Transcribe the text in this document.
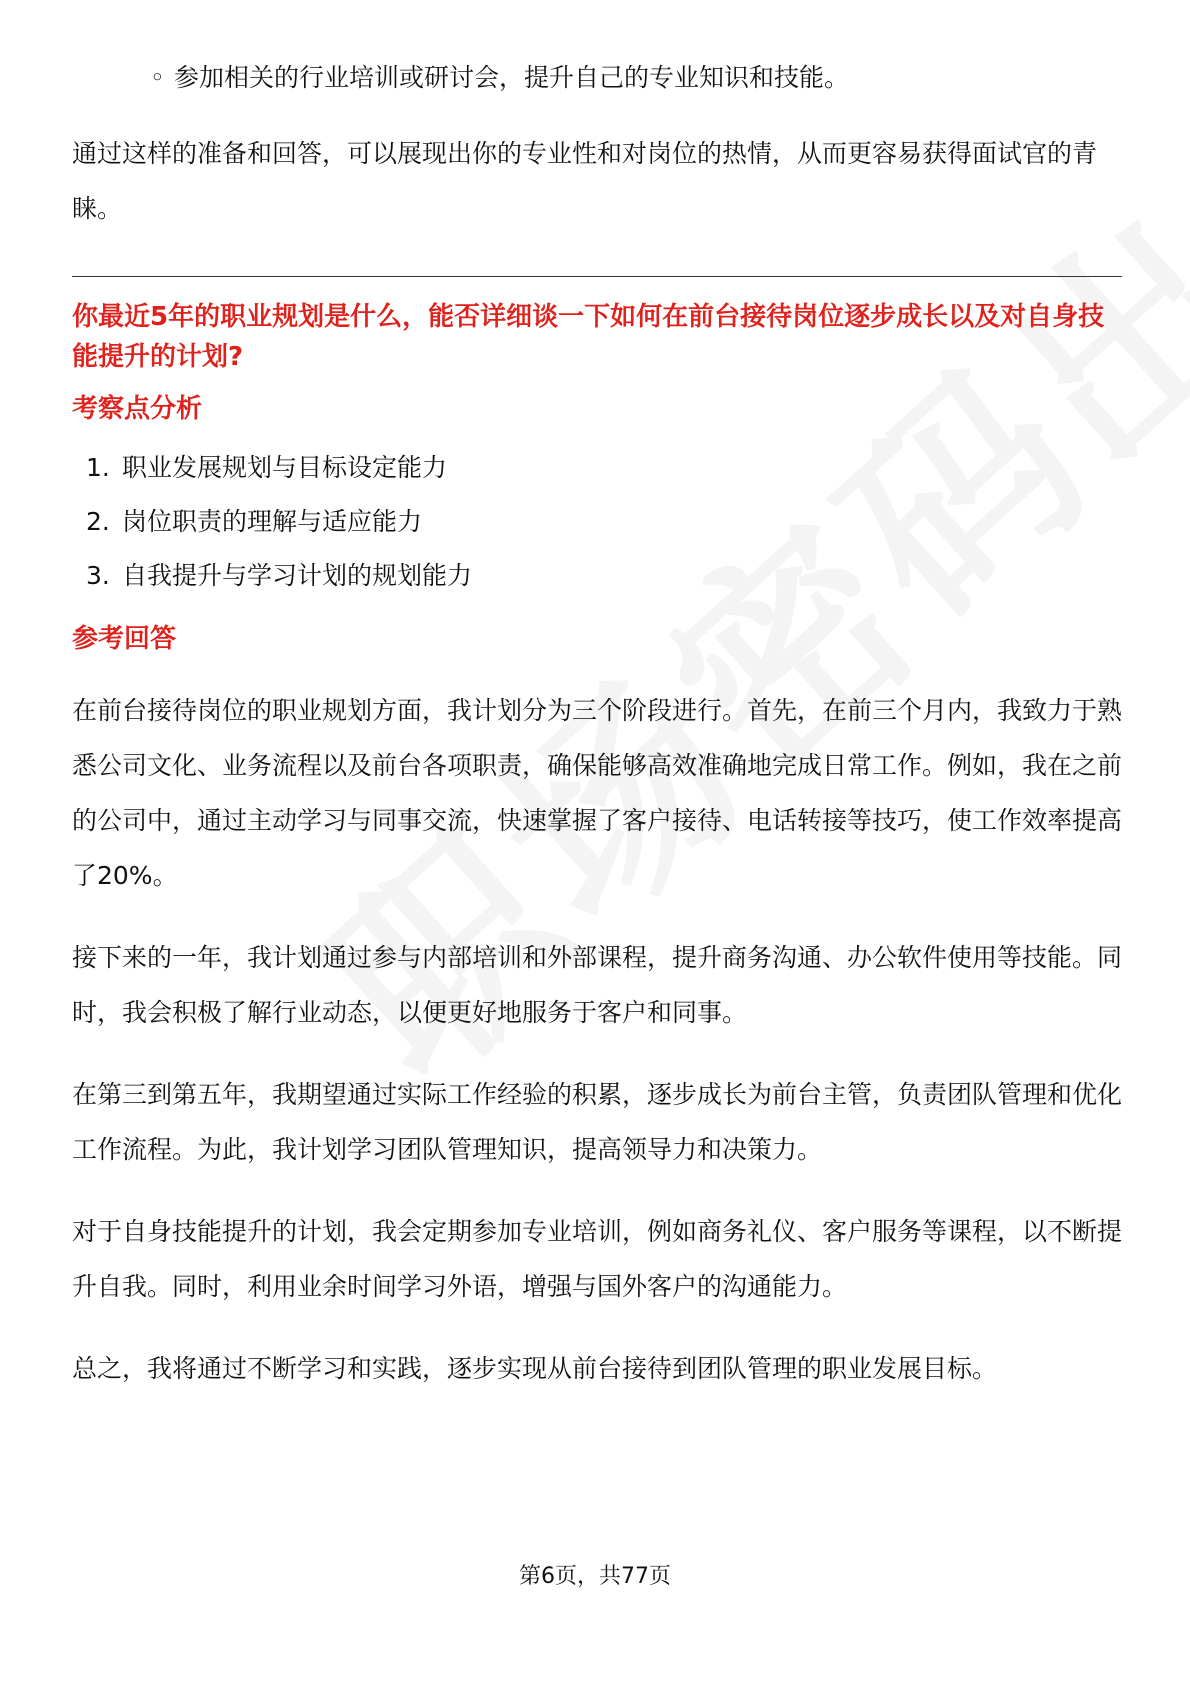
◦ 参加相关的行业培训或研讨会，提升自己的专业知识和技能。

通过这样的准备和回答，可以展现出你的专业性和对岗位的热情，从而更容易获得面试官的青睐。

你最近5年的职业规划是什么，能否详细谈一下如何在前台接待岗位逐步成长以及对自身技能提升的计划?
考察点分析
1. 职业发展规划与目标设定能力
2. 岗位职责的理解与适应能力
3. 自我提升与学习计划的规划能力
参考回答

在前台接待岗位的职业规划方面，我计划分为三个阶段进行。首先，在前三个月内，我致力于熟悉公司文化、业务流程以及前台各项职责，确保能够高效准确地完成日常工作。例如，我在之前的公司中，通过主动学习与同事交流，快速掌握了客户接待、电话转接等技巧，使工作效率提高了20%。

接下来的一年，我计划通过参与内部培训和外部课程，提升商务沟通、办公软件使用等技能。同时，我会积极了解行业动态，以便更好地服务于客户和同事。

在第三到第五年，我期望通过实际工作经验的积累，逐步成长为前台主管，负责团队管理和优化工作流程。为此，我计划学习团队管理知识，提高领导力和决策力。

对于自身技能提升的计划，我会定期参加专业培训，例如商务礼仪、客户服务等课程，以不断提升自我。同时，利用业余时间学习外语，增强与国外客户的沟通能力。

总之，我将通过不断学习和实践，逐步实现从前台接待到团队管理的职业发展目标。

第6页，共77页
